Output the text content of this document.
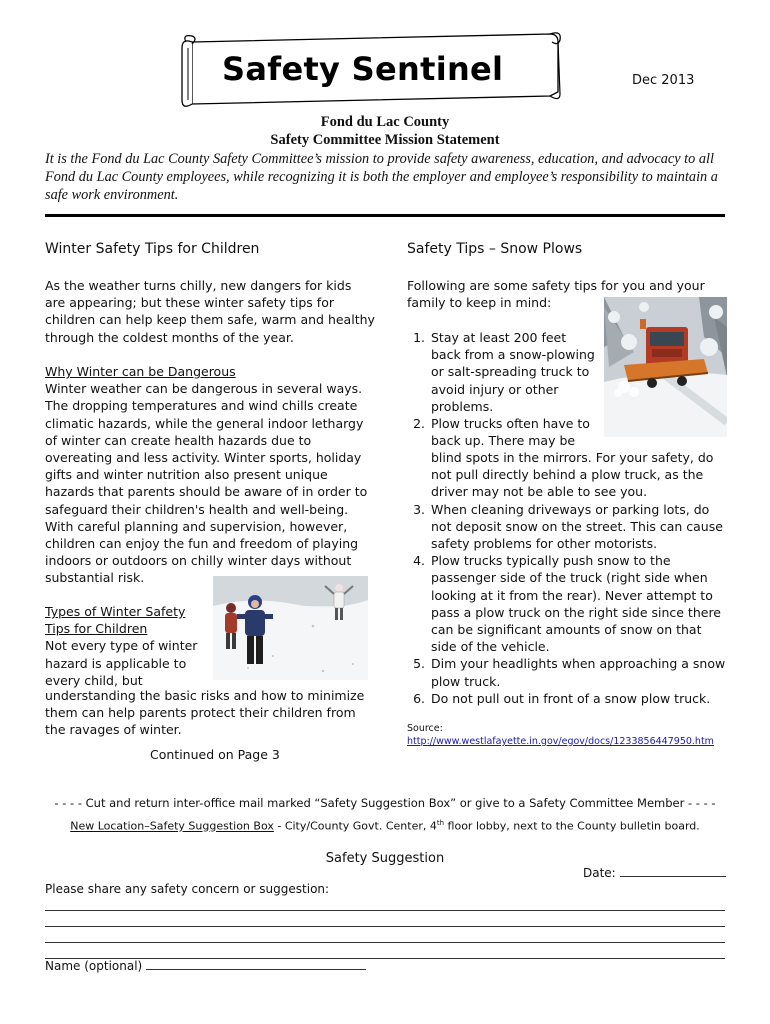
Safety Sentinel	Dec 2013
Fond du Lac County
Safety Committee Mission Statement
It is the Fond du Lac County Safety Committee’s mission to provide safety awareness, education, and advocacy to all Fond du Lac County employees, while recognizing it is both the employer and employee’s responsibility to maintain a safe work environment.
Winter Safety Tips for Children
As the weather turns chilly, new dangers for kids are appearing; but these winter safety tips for children can help keep them safe, warm and healthy through the coldest months of the year.

Why Winter can be Dangerous

Winter weather can be dangerous in several ways. The dropping temperatures and wind chills create climatic hazards, while the general indoor lethargy of winter can create health hazards due to overeating and less activity. Winter sports, holiday gifts and winter nutrition also present unique hazards that parents should be aware of in order to safeguard their children's health and well-being. With careful planning and supervision, however, children can enjoy the fun and freedom of playing indoors or outdoors on chilly winter days without substantial risk.

Types of Winter Safety Tips for Children

Not every type of winter hazard is applicable to every child, but

understanding the basic risks and how to minimize them can help parents protect their children from the ravages of winter.
Continued on Page 3
Safety Tips – Snow Plows
Following are some safety tips for you and your family to keep in mind:
1. Stay at least 200 feet back from a snow-plowing or salt-spreading truck to avoid injury or other problems.
2. Plow trucks often have to back up. There may be
blind spots in the mirrors. For your safety, do not pull directly behind a plow truck, as the driver may not be able to see you.
3. When cleaning driveways or parking lots, do not deposit snow on the street. This can cause safety problems for other motorists.
4. Plow trucks typically push snow to the passenger side of the truck (right side when looking at it from the rear). Never attempt to pass a plow truck on the right side since there can be significant amounts of snow on that side of the vehicle.
5. Dim your headlights when approaching a snow plow truck.
6. Do not pull out in front of a snow plow truck.
Source:
http://www.westlafayette.in.gov/egov/docs/1233856447950.htm
- - - - Cut and return inter-office mail marked “Safety Suggestion Box” or give to a Safety Committee Member - - - -
New Location–Safety Suggestion Box - City/County Govt. Center, 4th floor lobby, next to the County bulletin board.
Safety Suggestion
Date:
Please share any safety concern or suggestion:
Name (optional)
